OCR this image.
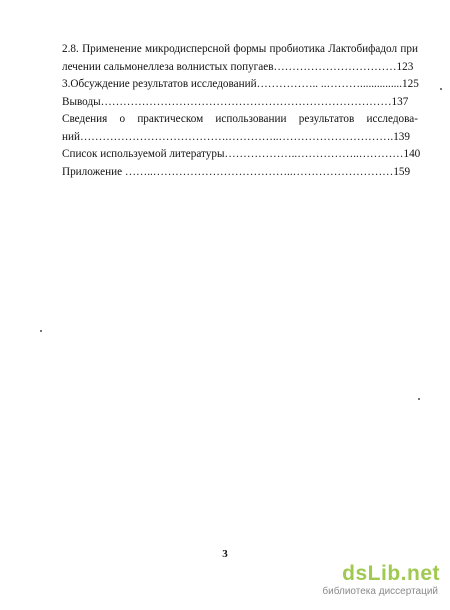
2.8. Применение микродисперсной формы пробиотика Лактобифадол при
лечении сальмонеллеза волнистых попугаев……………………………123
3.Обсуждение результатов исследований…………….. ..………...............125
Выводы……………………………………………………………………137
Сведения о практическом использовании результатов исследова-
ний………………………………….…………..………………………….139
Список используемой литературы………………..……………..…………140
Приложение ……..………………………………..………………………159
3
dsLib.net
библиотека диссертаций
